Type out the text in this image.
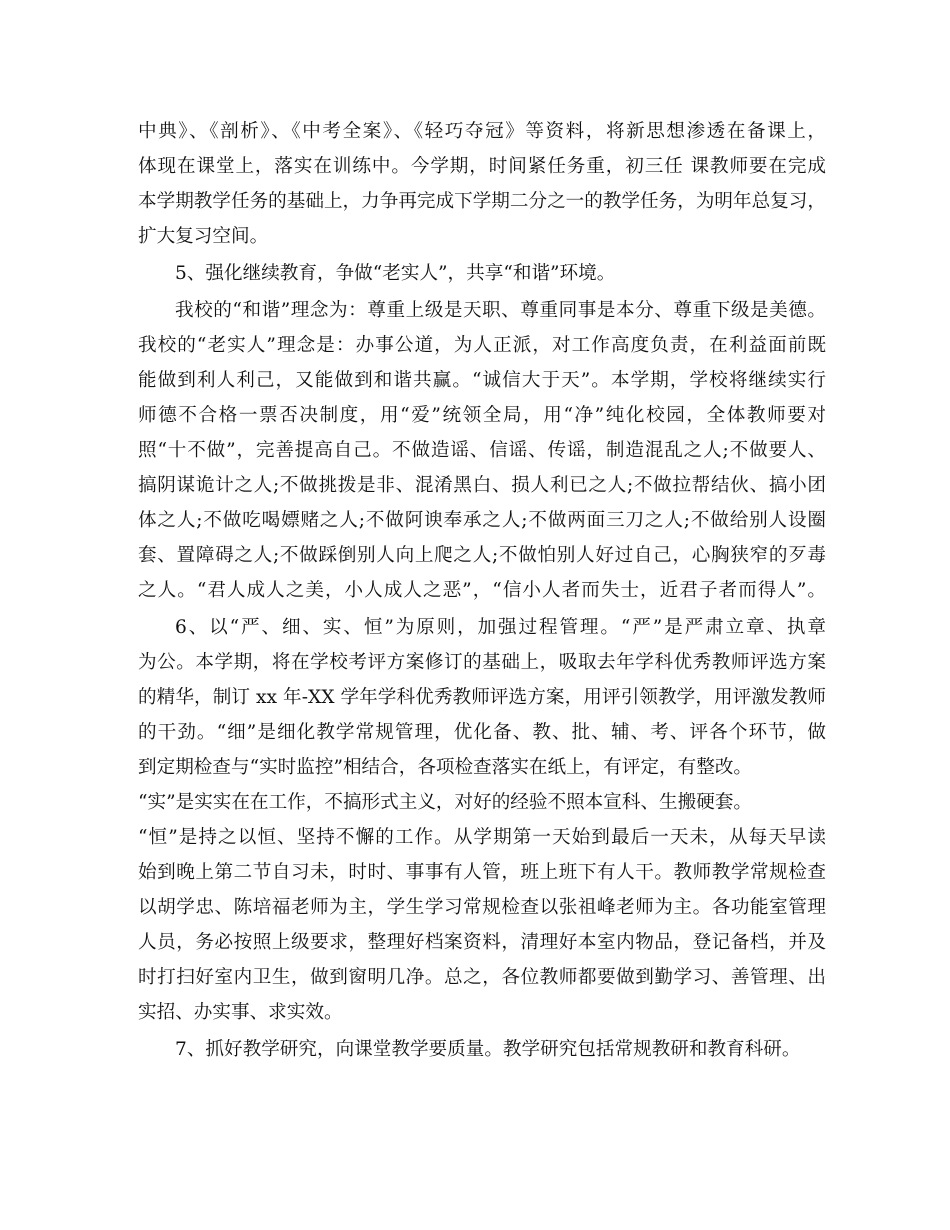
中典》、《剖析》、《中考全案》、《轻巧夺冠》等资料，将新思想渗透在备课上，
体现在课堂上，落实在训练中。今学期，时间紧任务重，初三任 课教师要在完成
本学期教学任务的基础上，力争再完成下学期二分之一的教学任务，为明年总复习，
扩大复习空间。
5、强化继续教育，争做“老实人”，共享“和谐”环境。
我校的“和谐”理念为：尊重上级是天职、尊重同事是本分、尊重下级是美德。
我校的“老实人”理念是：办事公道，为人正派，对工作高度负责，在利益面前既
能做到利人利己，又能做到和谐共赢。“诚信大于天”。本学期，学校将继续实行
师德不合格一票否决制度，用“爱”统领全局，用“净”纯化校园，全体教师要对
照“十不做”，完善提高自己。不做造谣、信谣、传谣，制造混乱之人;不做要人、
搞阴谋诡计之人;不做挑拨是非、混淆黑白、损人利已之人;不做拉帮结伙、搞小团
体之人;不做吃喝嫖赌之人;不做阿谀奉承之人;不做两面三刀之人;不做给别人设圈
套、置障碍之人;不做踩倒别人向上爬之人;不做怕别人好过自己，心胸狭窄的歹毒
之人。“君人成人之美，小人成人之恶”，“信小人者而失士，近君子者而得人”。
6、以“严、细、实、恒”为原则，加强过程管理。“严”是严肃立章、执章
为公。本学期，将在学校考评方案修订的基础上，吸取去年学科优秀教师评选方案
的精华，制订 xx 年-XX 学年学科优秀教师评选方案，用评引领教学，用评激发教师
的干劲。“细”是细化教学常规管理，优化备、教、批、辅、考、评各个环节，做
到定期检查与“实时监控”相结合，各项检查落实在纸上，有评定，有整改。
“实”是实实在在工作，不搞形式主义，对好的经验不照本宣科、生搬硬套。
“恒”是持之以恒、坚持不懈的工作。从学期第一天始到最后一天未，从每天早读
始到晚上第二节自习未，时时、事事有人管，班上班下有人干。教师教学常规检查
以胡学忠、陈培福老师为主，学生学习常规检查以张祖峰老师为主。各功能室管理
人员，务必按照上级要求，整理好档案资料，清理好本室内物品，登记备档，并及
时打扫好室内卫生，做到窗明几净。总之，各位教师都要做到勤学习、善管理、出
实招、办实事、求实效。
7、抓好教学研究，向课堂教学要质量。教学研究包括常规教研和教育科研。
